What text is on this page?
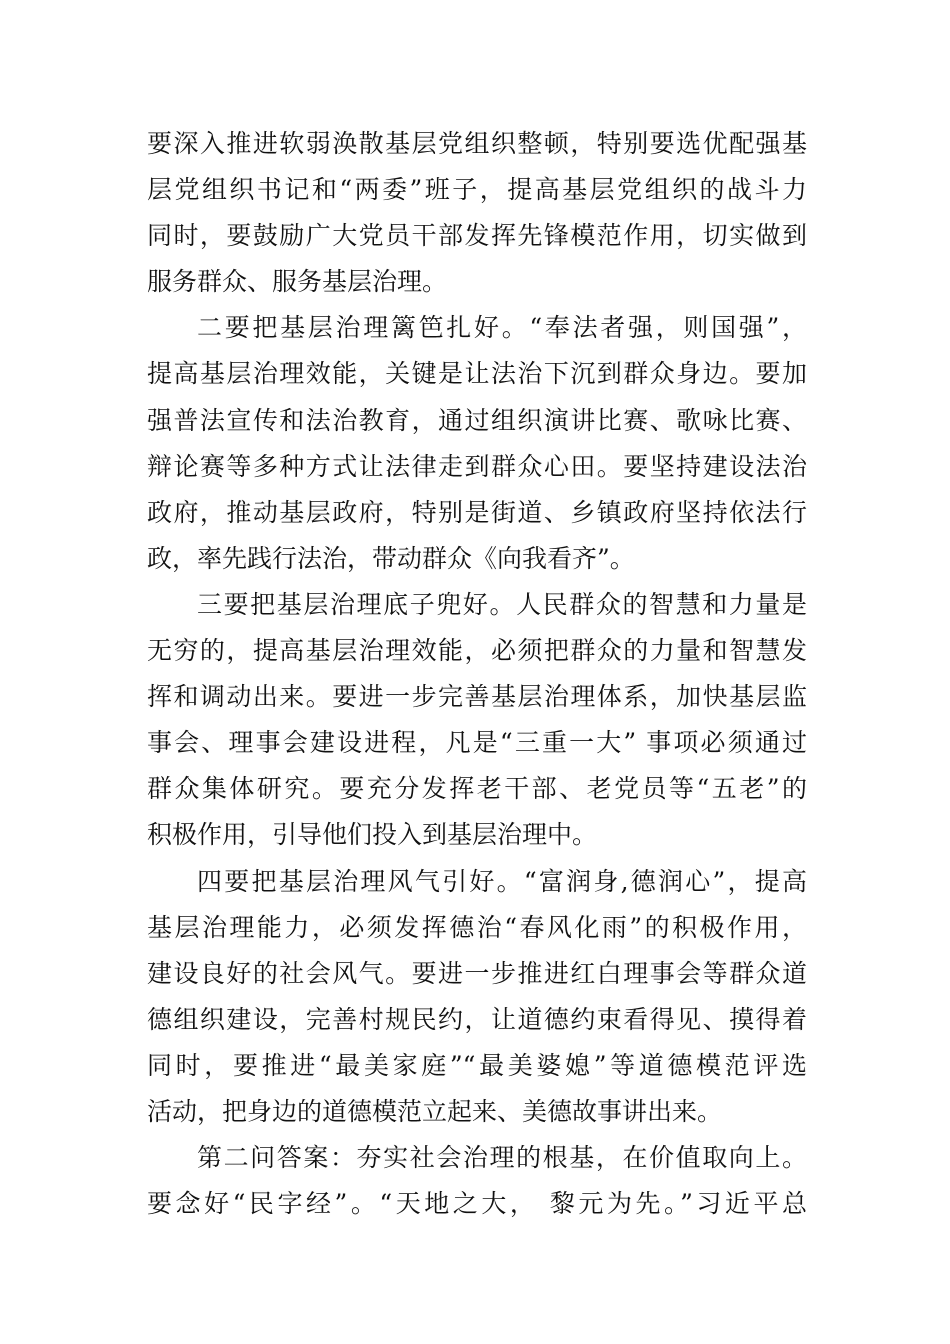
要深入推进软弱涣散基层党组织整顿，特别要选优配强基
层党组织书记和“两委”班子，提高基层党组织的战斗力
同时，要鼓励广大党员干部发挥先锋模范作用，切实做到
服务群众、服务基层治理。
二要把基层治理篱笆扎好。“奉法者强，则国强”，
提高基层治理效能，关键是让法治下沉到群众身边。要加
强普法宣传和法治教育，通过组织演讲比赛、歌咏比赛、
辩论赛等多种方式让法律走到群众心田。要坚持建设法治
政府，推动基层政府，特别是街道、乡镇政府坚持依法行
政，率先践行法治，带动群众《向我看齐”。
三要把基层治理底子兜好。人民群众的智慧和力量是
无穷的，提高基层治理效能，必须把群众的力量和智慧发
挥和调动出来。要进一步完善基层治理体系，加快基层监
事会、理事会建设进程，凡是“三重一大” 事项必须通过
群众集体研究。要充分发挥老干部、老党员等“五老”的
积极作用，引导他们投入到基层治理中。
四要把基层治理风气引好。“富润身,德润心”，提高
基层治理能力，必须发挥德治“春风化雨”的积极作用，
建设良好的社会风气。要进一步推进红白理事会等群众道
德组织建设，完善村规民约，让道德约束看得见、摸得着
同时，要推进“最美家庭”“最美婆媳”等道德模范评选
活动，把身边的道德模范立起来、美德故事讲出来。
第二问答案：夯实社会治理的根基，在价值取向上。
要念好“民字经”。“天地之大， 黎元为先。”习近平总
